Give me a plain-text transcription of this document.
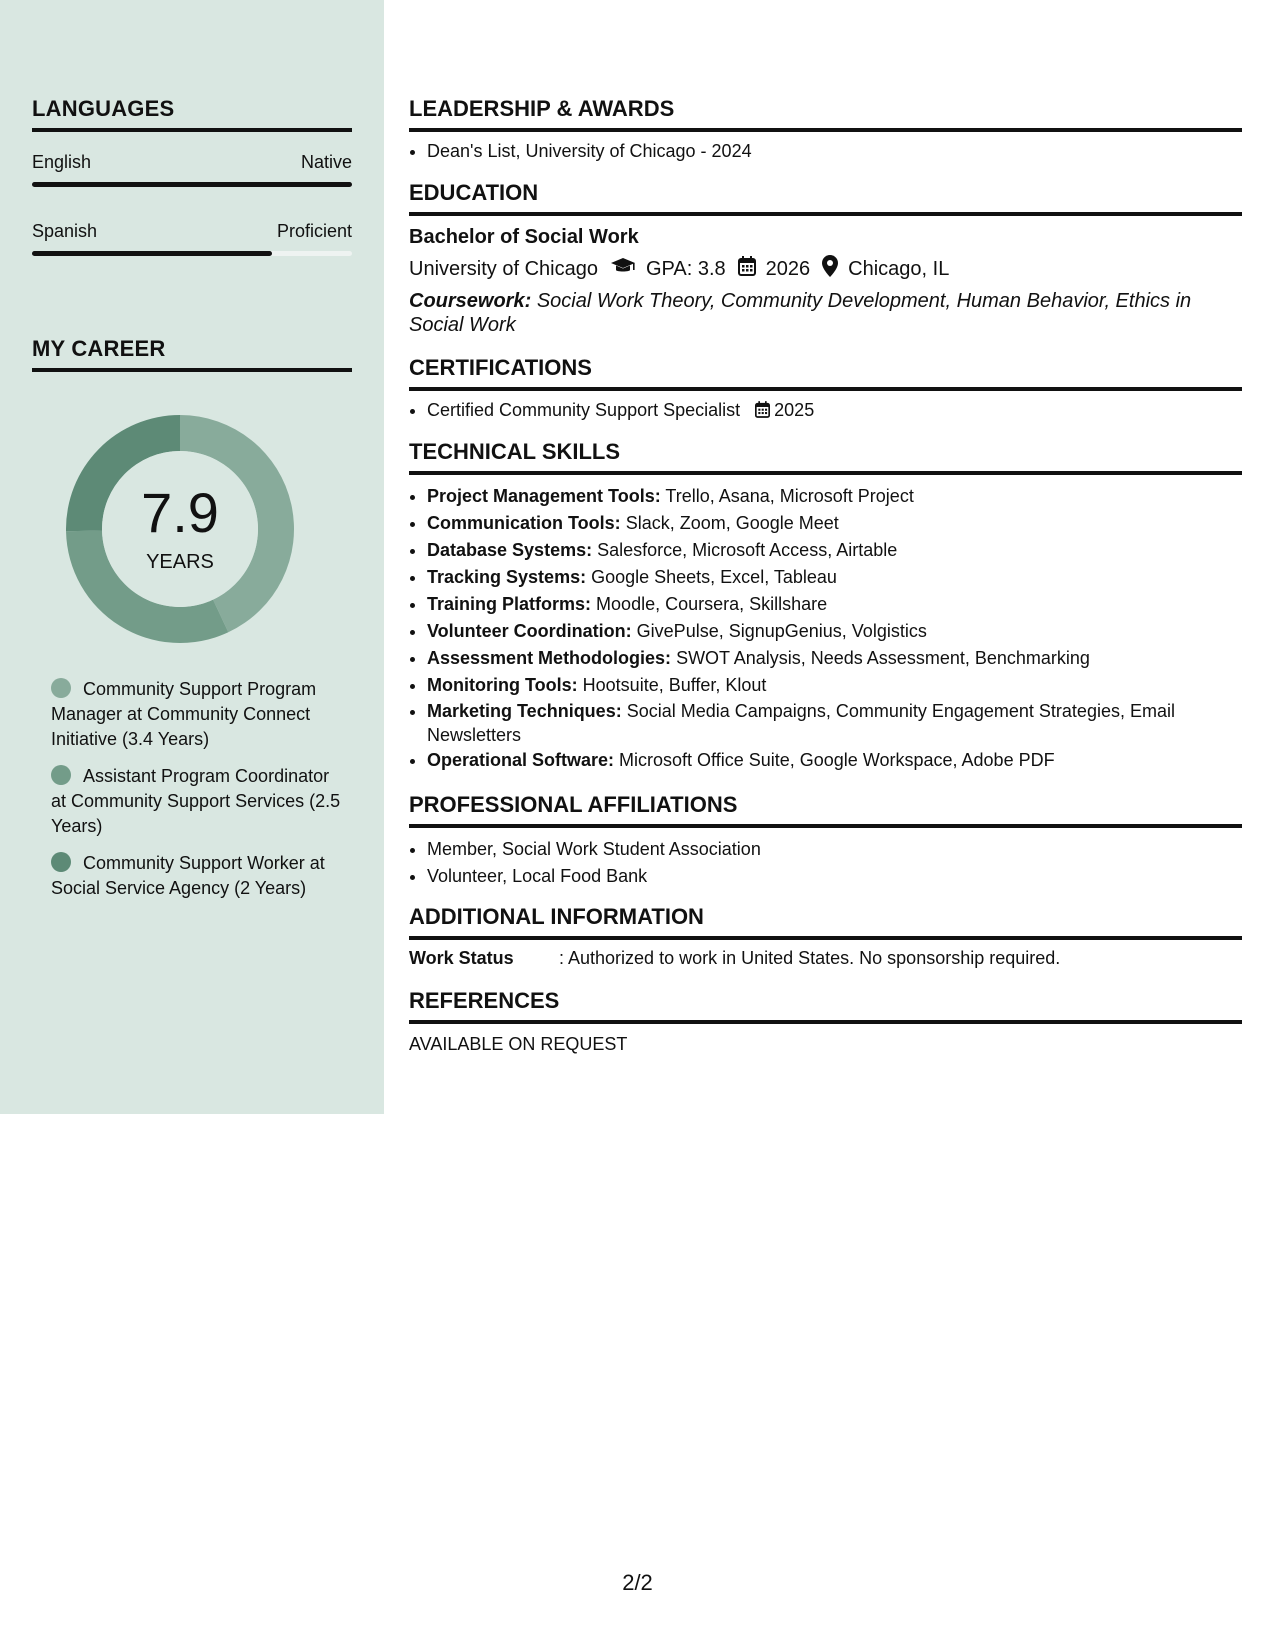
LANGUAGES
English	Native
Spanish	Proficient
MY CAREER
7.9
YEARS
Community Support Program Manager at Community Connect Initiative (3.4 Years)
Assistant Program Coordinator at Community Support Services (2.5 Years)
Community Support Worker at Social Service Agency (2 Years)
LEADERSHIP & AWARDS
• Dean's List, University of Chicago - 2024
EDUCATION
Bachelor of Social Work
University of Chicago GPA: 3.8 2026 Chicago, IL
Coursework: Social Work Theory, Community Development, Human Behavior, Ethics in Social Work
CERTIFICATIONS
• Certified Community Support Specialist 2025
TECHNICAL SKILLS
• Project Management Tools: Trello, Asana, Microsoft Project
• Communication Tools: Slack, Zoom, Google Meet
• Database Systems: Salesforce, Microsoft Access, Airtable
• Tracking Systems: Google Sheets, Excel, Tableau
• Training Platforms: Moodle, Coursera, Skillshare
• Volunteer Coordination: GivePulse, SignupGenius, Volgistics
• Assessment Methodologies: SWOT Analysis, Needs Assessment, Benchmarking
• Monitoring Tools: Hootsuite, Buffer, Klout
• Marketing Techniques: Social Media Campaigns, Community Engagement Strategies, Email Newsletters
• Operational Software: Microsoft Office Suite, Google Workspace, Adobe PDF
PROFESSIONAL AFFILIATIONS
• Member, Social Work Student Association
• Volunteer, Local Food Bank
ADDITIONAL INFORMATION
Work Status	: Authorized to work in United States. No sponsorship required.
REFERENCES
AVAILABLE ON REQUEST
2/2
